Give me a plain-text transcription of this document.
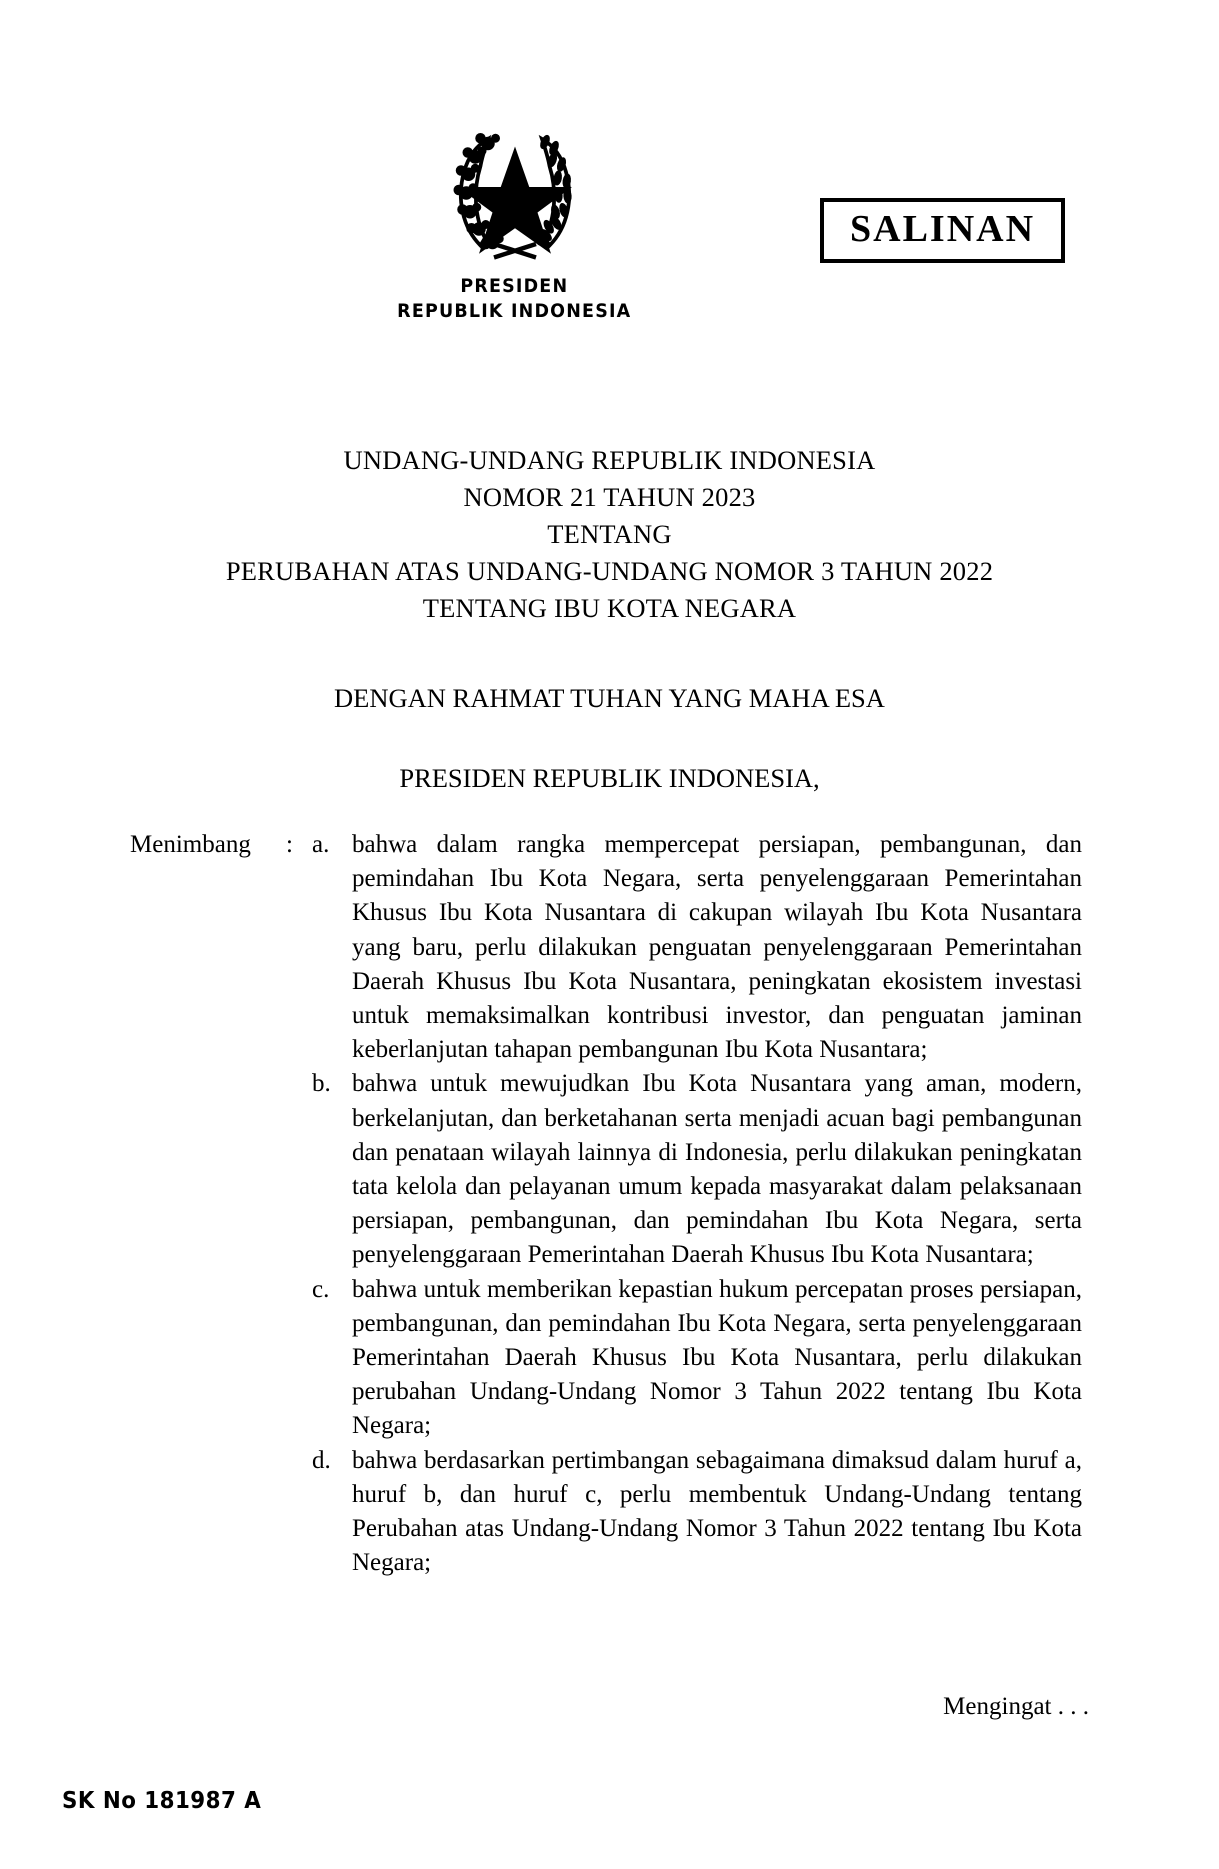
PRESIDEN
REPUBLIK INDONESIA
SALINAN
UNDANG-UNDANG REPUBLIK INDONESIA
NOMOR 21 TAHUN 2023
TENTANG
PERUBAHAN ATAS UNDANG-UNDANG NOMOR 3 TAHUN 2022
TENTANG IBU KOTA NEGARA
DENGAN RAHMAT TUHAN YANG MAHA ESA
PRESIDEN REPUBLIK INDONESIA,
Menimbang	: a. bahwa dalam rangka mempercepat persiapan, pembangunan, dan pemindahan Ibu Kota Negara, serta penyelenggaraan Pemerintahan Khusus Ibu Kota Nusantara di cakupan wilayah Ibu Kota Nusantara yang baru, perlu dilakukan penguatan penyelenggaraan Pemerintahan Daerah Khusus Ibu Kota Nusantara, peningkatan ekosistem investasi untuk memaksimalkan kontribusi investor, dan penguatan jaminan keberlanjutan tahapan pembangunan Ibu Kota Nusantara;
b. bahwa untuk mewujudkan Ibu Kota Nusantara yang aman, modern, berkelanjutan, dan berketahanan serta menjadi acuan bagi pembangunan dan penataan wilayah lainnya di Indonesia, perlu dilakukan peningkatan tata kelola dan pelayanan umum kepada masyarakat dalam pelaksanaan persiapan, pembangunan, dan pemindahan Ibu Kota Negara, serta penyelenggaraan Pemerintahan Daerah Khusus Ibu Kota Nusantara;
c. bahwa untuk memberikan kepastian hukum percepatan proses persiapan, pembangunan, dan pemindahan Ibu Kota Negara, serta penyelenggaraan Pemerintahan Daerah Khusus Ibu Kota Nusantara, perlu dilakukan perubahan Undang-Undang Nomor 3 Tahun 2022 tentang Ibu Kota Negara;
d. bahwa berdasarkan pertimbangan sebagaimana dimaksud dalam huruf a, huruf b, dan huruf c, perlu membentuk Undang-Undang tentang Perubahan atas Undang-Undang Nomor 3 Tahun 2022 tentang Ibu Kota Negara;
Mengingat . . .
SK No 181987 A
